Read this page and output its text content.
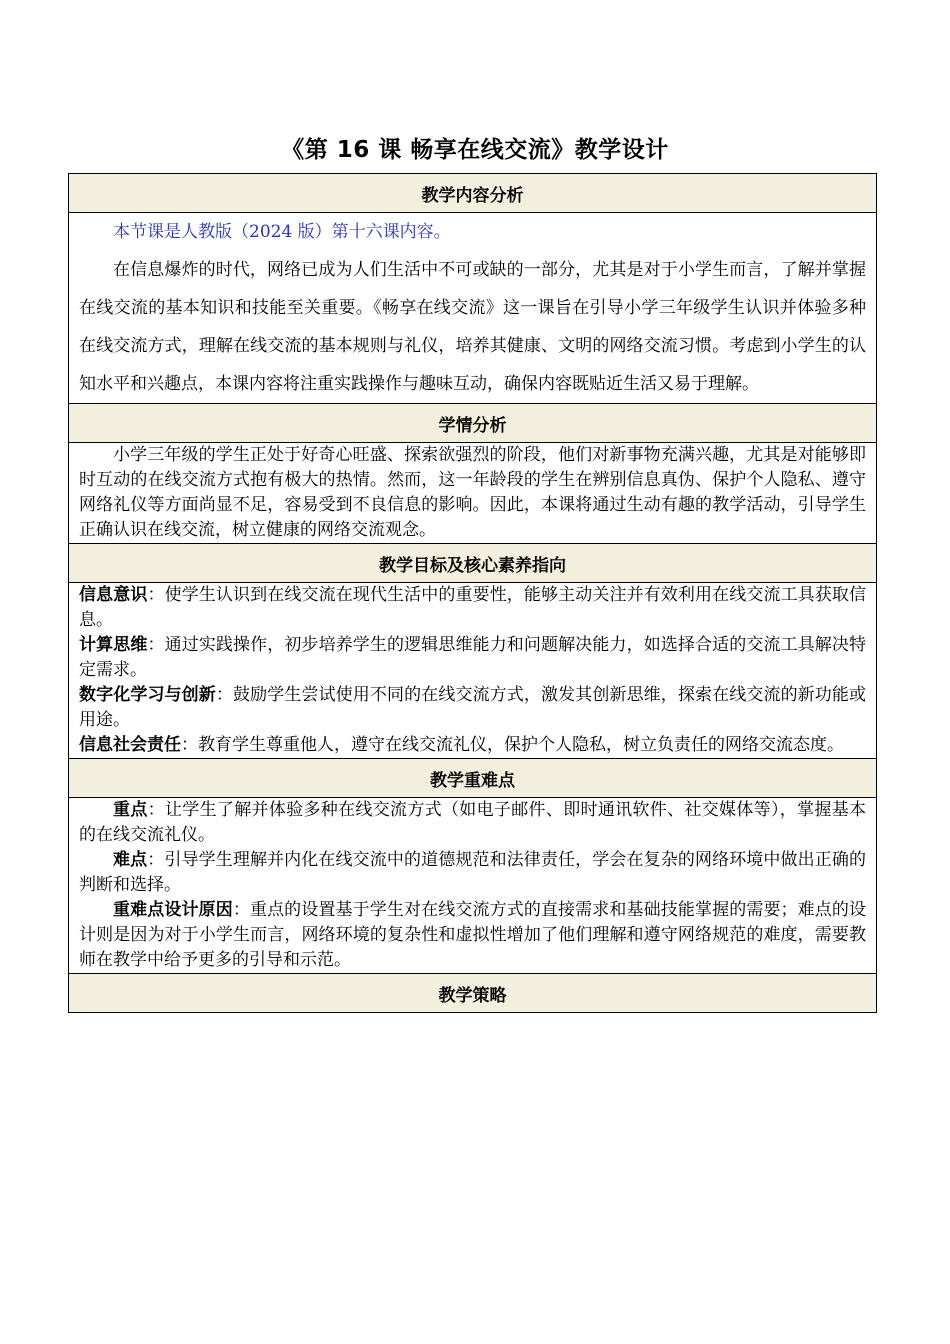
《第 16 课 畅享在线交流》教学设计
教学内容分析

本节课是人教版（2024 版）第十六课内容。

在信息爆炸的时代，网络已成为人们生活中不可或缺的一部分，尤其是对于小学生而言，了解并掌握在线交流的基本知识和技能至关重要。《畅享在线交流》这一课旨在引导小学三年级学生认识并体验多种在线交流方式，理解在线交流的基本规则与礼仪，培养其健康、文明的网络交流习惯。考虑到小学生的认知水平和兴趣点，本课内容将注重实践操作与趣味互动，确保内容既贴近生活又易于理解。

学情分析

小学三年级的学生正处于好奇心旺盛、探索欲强烈的阶段，他们对新事物充满兴趣，尤其是对能够即时互动的在线交流方式抱有极大的热情。然而，这一年龄段的学生在辨别信息真伪、保护个人隐私、遵守网络礼仪等方面尚显不足，容易受到不良信息的影响。因此，本课将通过生动有趣的教学活动，引导学生正确认识在线交流，树立健康的网络交流观念。

教学目标及核心素养指向

信息意识：使学生认识到在线交流在现代生活中的重要性，能够主动关注并有效利用在线交流工具获取信息。

计算思维：通过实践操作，初步培养学生的逻辑思维能力和问题解决能力，如选择合适的交流工具解决特定需求。

数字化学习与创新：鼓励学生尝试使用不同的在线交流方式，激发其创新思维，探索在线交流的新功能或用途。

信息社会责任：教育学生尊重他人，遵守在线交流礼仪，保护个人隐私，树立负责任的网络交流态度。

教学重难点

重点：让学生了解并体验多种在线交流方式（如电子邮件、即时通讯软件、社交媒体等），掌握基本的在线交流礼仪。

难点：引导学生理解并内化在线交流中的道德规范和法律责任，学会在复杂的网络环境中做出正确的判断和选择。

重难点设计原因：重点的设置基于学生对在线交流方式的直接需求和基础技能掌握的需要；难点的设计则是因为对于小学生而言，网络环境的复杂性和虚拟性增加了他们理解和遵守网络规范的难度，需要教师在教学中给予更多的引导和示范。

教学策略
